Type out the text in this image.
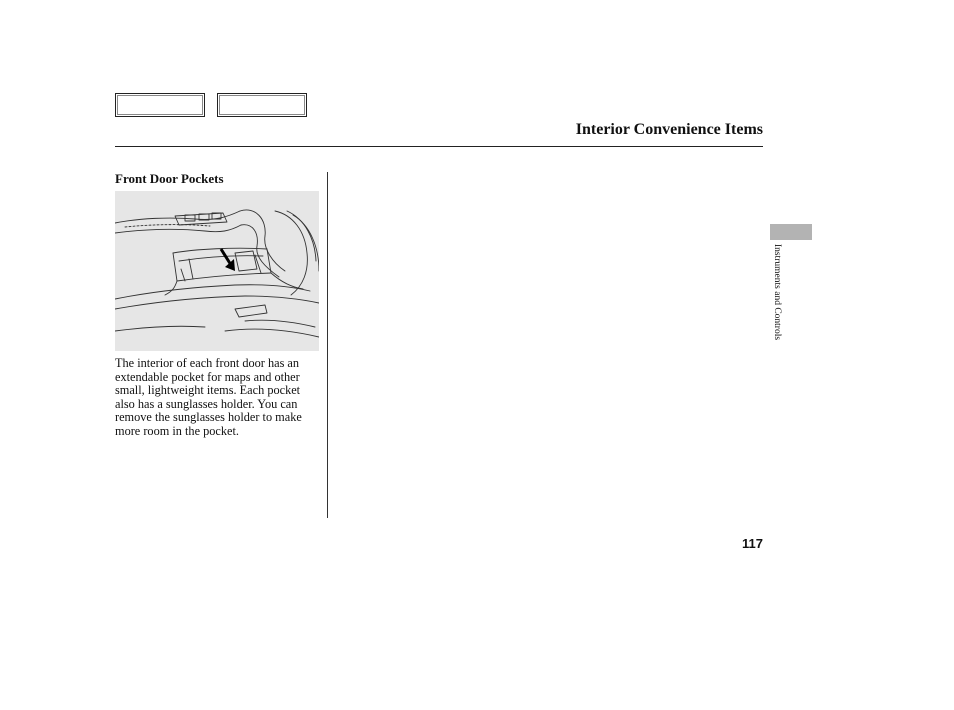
Interior Convenience Items
Front Door Pockets

The interior of each front door has an extendable pocket for maps and other small, lightweight items. Each pocket also has a sunglasses holder. You can remove the sunglasses holder to make more room in the pocket.

Instruments and Controls
117
